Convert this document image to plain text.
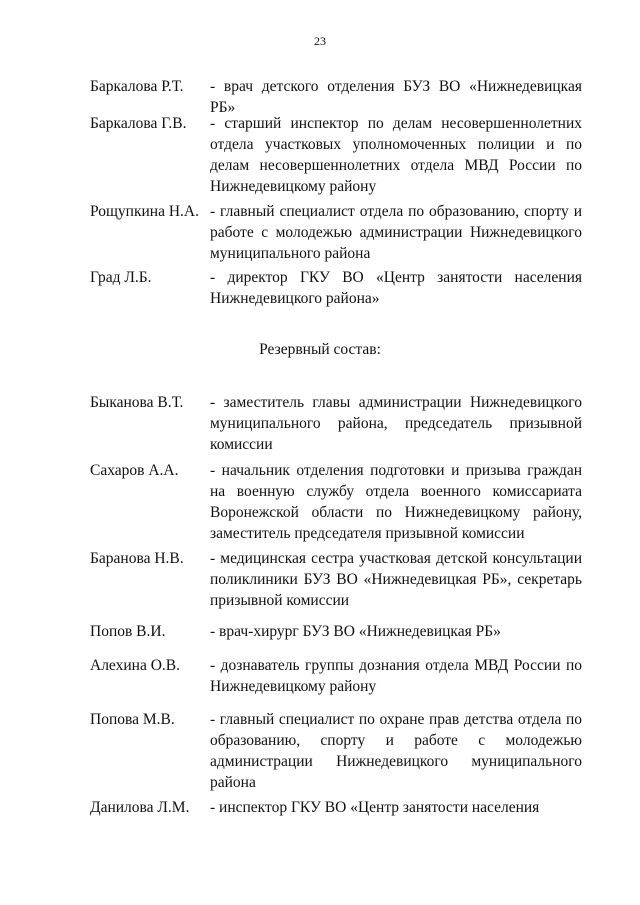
23
Баркалова Р.Т.	- врач детского отделения БУЗ ВО «Нижнедевицкая РБ»
Баркалова Г.В.	- старший инспектор по делам несовершеннолетних отдела участковых уполномоченных полиции и по делам несовершеннолетних отдела МВД России по Нижнедевицкому району
Рощупкина Н.А. - главный специалист отдела по образованию, спорту и работе с молодежью администрации Нижнедевицкого муниципального района
Град Л.Б.	- директор ГКУ ВО «Центр занятости населения Нижнедевицкого района»
Резервный состав:
Быканова В.Т.	- заместитель главы администрации Нижнедевицкого муниципального района, председатель призывной комиссии
Сахаров А.А.	- начальник отделения подготовки и призыва граждан на военную службу отдела военного комиссариата Воронежской области по Нижнедевицкому району, заместитель председателя призывной комиссии
Баранова Н.В.	- медицинская сестра участковая детской консультации поликлиники БУЗ ВО «Нижнедевицкая РБ», секретарь призывной комиссии
Попов В.И.	- врач-хирург БУЗ ВО «Нижнедевицкая РБ»
Алехина О.В.	- дознаватель группы дознания отдела МВД России по Нижнедевицкому району
Попова М.В.	- главный специалист по охране прав детства отдела по образованию, спорту и работе с молодежью администрации Нижнедевицкого муниципального района
Данилова Л.М.	- инспектор ГКУ ВО «Центр занятости населения
